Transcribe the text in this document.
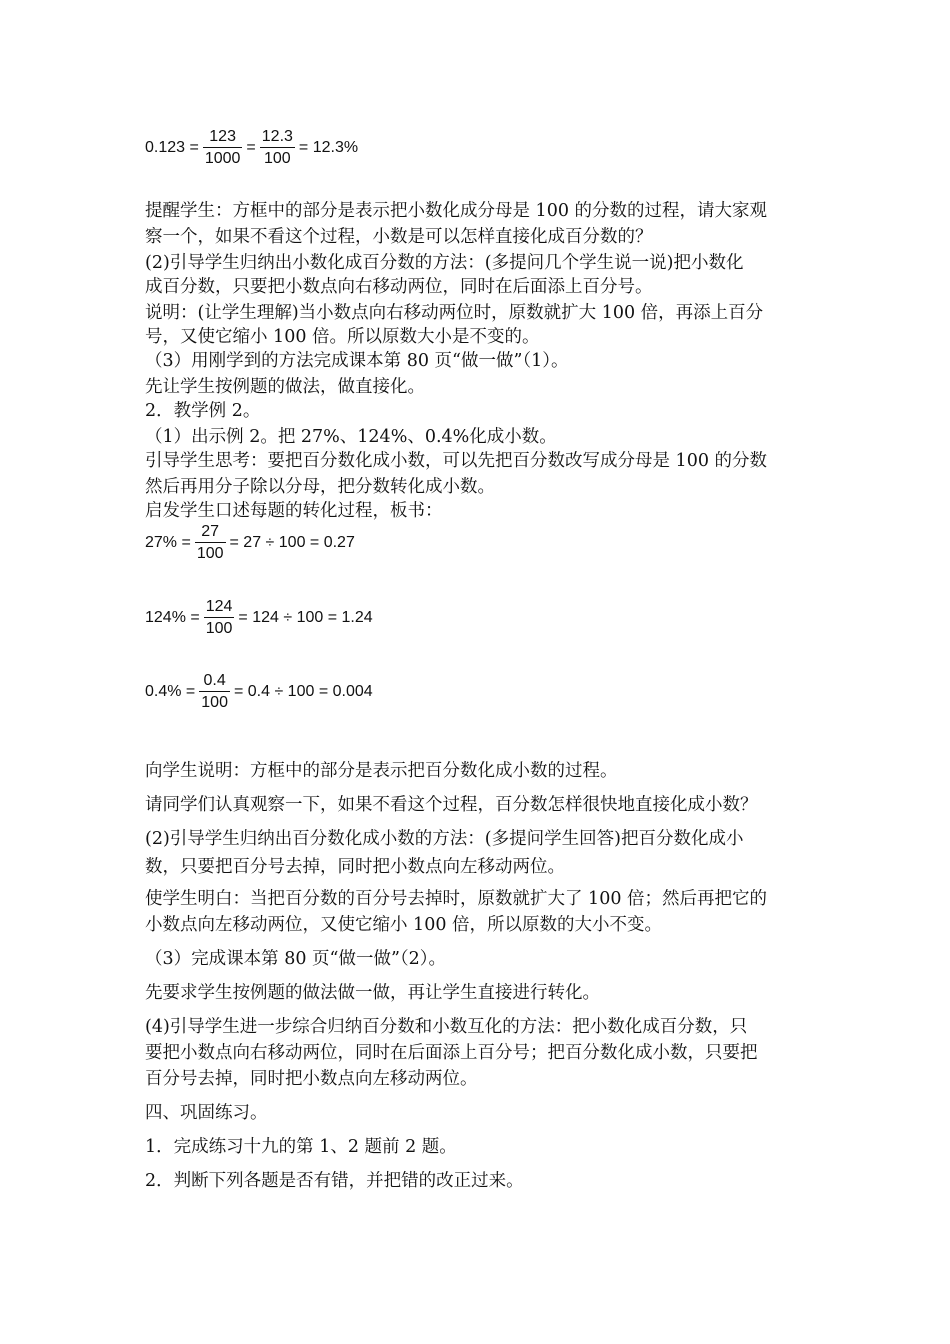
$0.123 = \frac{123}{1000} = \frac{12.3}{100} = 12.3\%$
提醒学生：方框中的部分是表示把小数化成分母是 100 的分数的过程，请大家观
察一个，如果不看这个过程，小数是可以怎样直接化成百分数的？
(2)引导学生归纳出小数化成百分数的方法：(多提问几个学生说一说)把小数化
成百分数，只要把小数点向右移动两位，同时在后面添上百分号。
说明：(让学生理解)当小数点向右移动两位时，原数就扩大 100 倍，再添上百分
号，又使它缩小 100 倍。所以原数大小是不变的。
（3）用刚学到的方法完成课本第 80 页“做一做”（1）。
先让学生按例题的做法，做直接化。
2．教学例 2。
（1）出示例 2。把 27%、124%、0.4%化成小数。
引导学生思考：要把百分数化成小数，可以先把百分数改写成分母是 100 的分数
然后再用分子除以分母，把分数转化成小数。
启发学生口述每题的转化过程，板书：
$27\% = \frac{27}{100} = 27 \div 100 = 0.27$
$124\% = \frac{124}{100} = 124 \div 100 = 1.24$
$0.4\% = \frac{0.4}{100} = 0.4 \div 100 = 0.004$
向学生说明：方框中的部分是表示把百分数化成小数的过程。
请同学们认真观察一下，如果不看这个过程，百分数怎样很快地直接化成小数？
(2)引导学生归纳出百分数化成小数的方法：(多提问学生回答)把百分数化成小
数，只要把百分号去掉，同时把小数点向左移动两位。
使学生明白：当把百分数的百分号去掉时，原数就扩大了 100 倍；然后再把它的
小数点向左移动两位，又使它缩小 100 倍，所以原数的大小不变。
（3）完成课本第 80 页“做一做”（2）。
先要求学生按例题的做法做一做，再让学生直接进行转化。
(4)引导学生进一步综合归纳百分数和小数互化的方法：把小数化成百分数，只
要把小数点向右移动两位，同时在后面添上百分号；把百分数化成小数，只要把
百分号去掉，同时把小数点向左移动两位。
四、巩固练习。
1．完成练习十九的第 1、2 题前 2 题。
2．判断下列各题是否有错，并把错的改正过来。
